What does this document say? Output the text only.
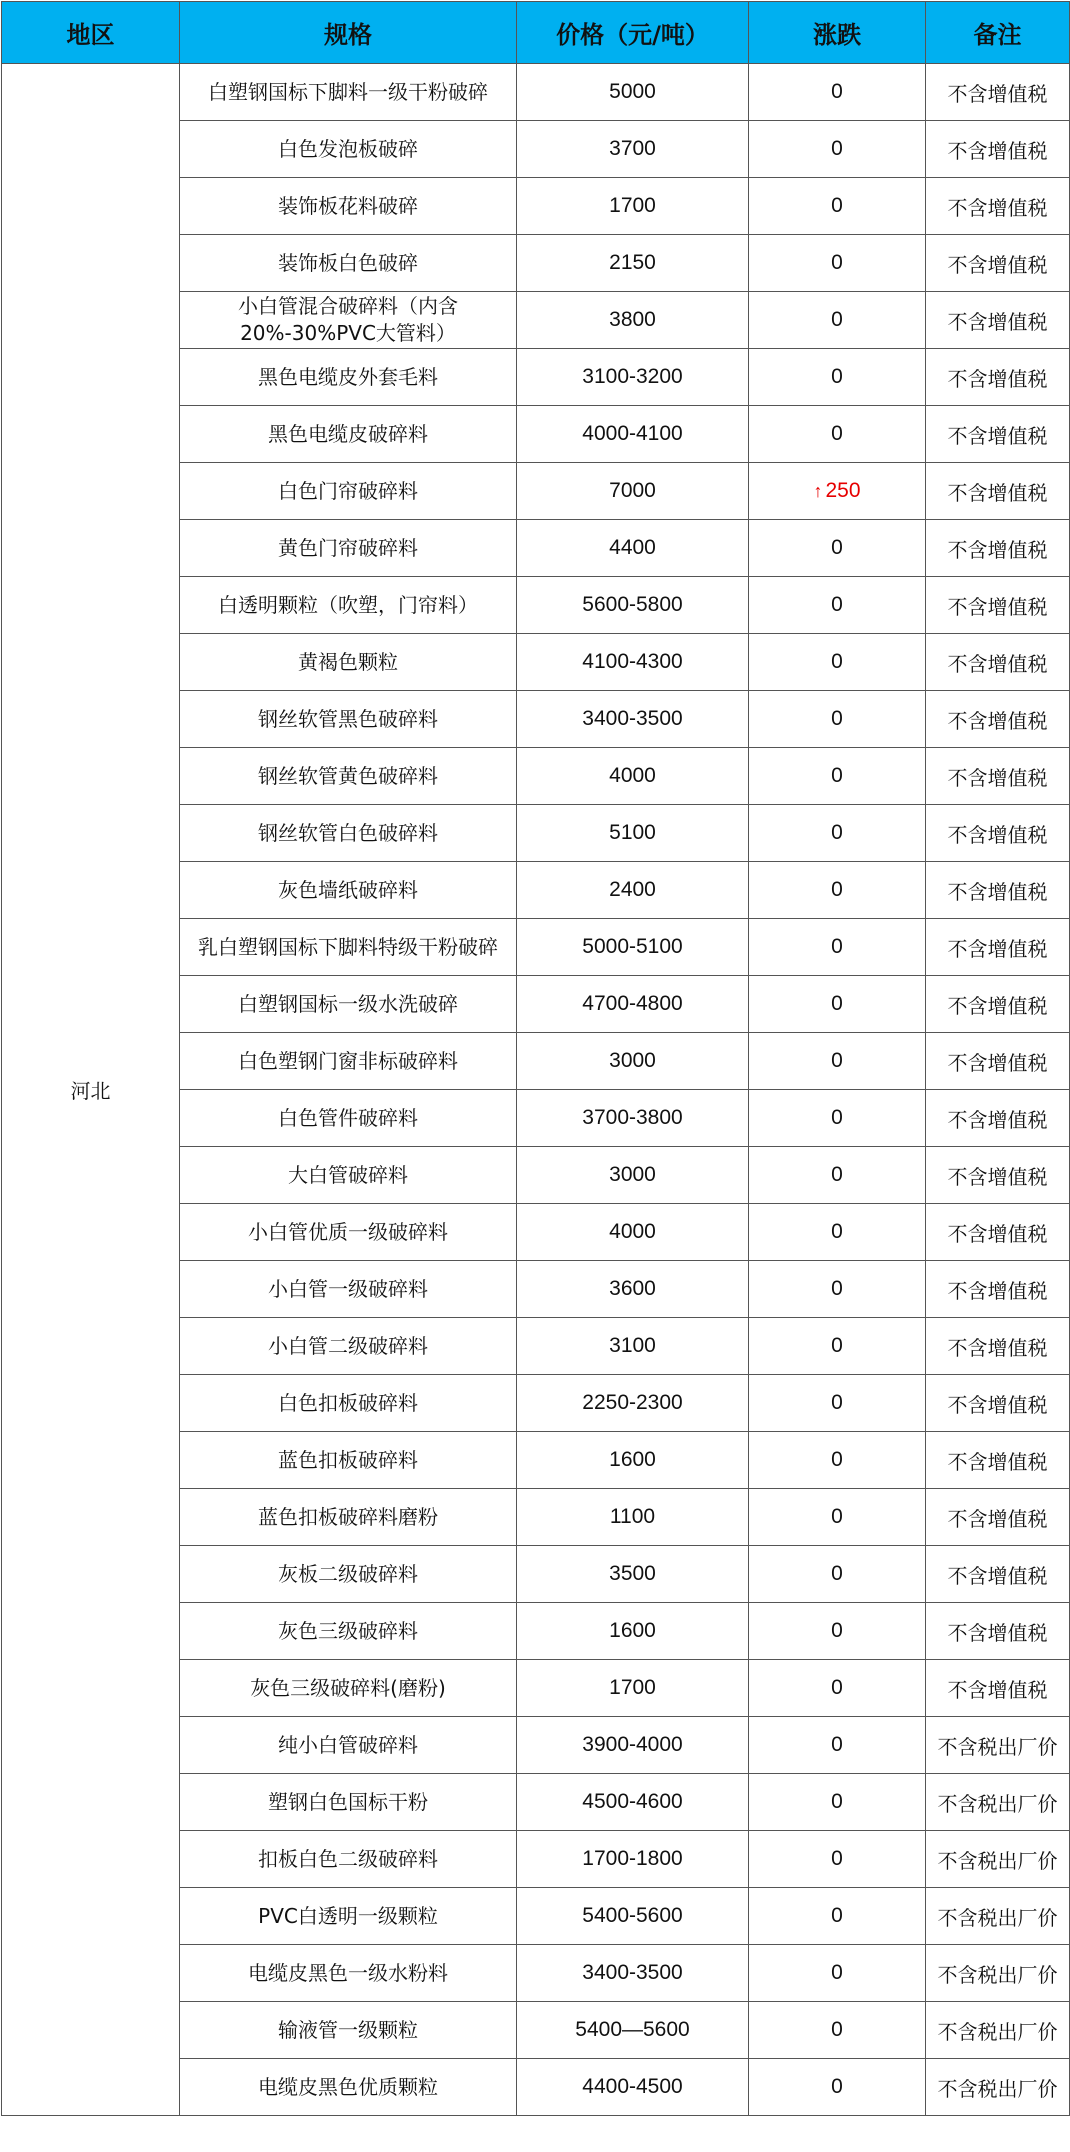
地区	规格	价格（元/吨）	涨跌	备注
河北	白塑钢国标下脚料一级干粉破碎	5000	0	不含增值税
	白色发泡板破碎	3700	0	不含增值税
	装饰板花料破碎	1700	0	不含增值税
	装饰板白色破碎	2150	0	不含增值税
	小白管混合破碎料（内含20%-30%PVC大管料）	3800	0	不含增值税
	黑色电缆皮外套毛料	3100-3200	0	不含增值税
	黑色电缆皮破碎料	4000-4100	0	不含增值税
	白色门帘破碎料	7000	↑ 250	不含增值税
	黄色门帘破碎料	4400	0	不含增值税
	白透明颗粒（吹塑，门帘料）	5600-5800	0	不含增值税
	黄褐色颗粒	4100-4300	0	不含增值税
	钢丝软管黑色破碎料	3400-3500	0	不含增值税
	钢丝软管黄色破碎料	4000	0	不含增值税
	钢丝软管白色破碎料	5100	0	不含增值税
	灰色墙纸破碎料	2400	0	不含增值税
	乳白塑钢国标下脚料特级干粉破碎	5000-5100	0	不含增值税
	白塑钢国标一级水洗破碎	4700-4800	0	不含增值税
	白色塑钢门窗非标破碎料	3000	0	不含增值税
	白色管件破碎料	3700-3800	0	不含增值税
	大白管破碎料	3000	0	不含增值税
	小白管优质一级破碎料	4000	0	不含增值税
	小白管一级破碎料	3600	0	不含增值税
	小白管二级破碎料	3100	0	不含增值税
	白色扣板破碎料	2250-2300	0	不含增值税
	蓝色扣板破碎料	1600	0	不含增值税
	蓝色扣板破碎料磨粉	1100	0	不含增值税
	灰板二级破碎料	3500	0	不含增值税
	灰色三级破碎料	1600	0	不含增值税
	灰色三级破碎料(磨粉)	1700	0	不含增值税
	纯小白管破碎料	3900-4000	0	不含税出厂价
	塑钢白色国标干粉	4500-4600	0	不含税出厂价
	扣板白色二级破碎料	1700-1800	0	不含税出厂价
	PVC白透明一级颗粒	5400-5600	0	不含税出厂价
	电缆皮黑色一级水粉料	3400-3500	0	不含税出厂价
	输液管一级颗粒	5400—5600	0	不含税出厂价
	电缆皮黑色优质颗粒	4400-4500	0	不含税出厂价
